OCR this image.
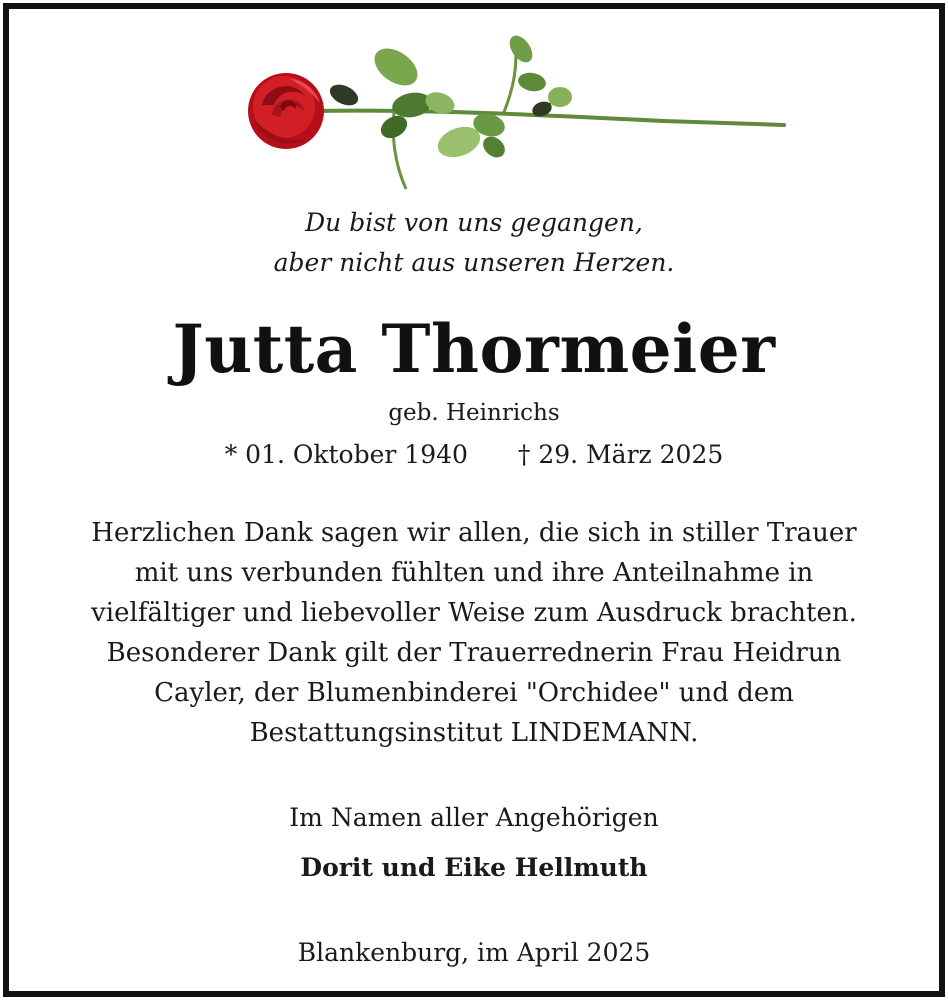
Du bist von uns gegangen,
aber nicht aus unseren Herzen.
Jutta Thormeier
geb. Heinrichs
* 01. Oktober 1940 † 29. März 2025
Herzlichen Dank sagen wir allen, die sich in stiller Trauer
mit uns verbunden fühlten und ihre Anteilnahme in
vielfältiger und liebevoller Weise zum Ausdruck brachten.
Besonderer Dank gilt der Trauerrednerin Frau Heidrun
Cayler, der Blumenbinderei "Orchidee" und dem
Bestattungsinstitut LINDEMANN.
Im Namen aller Angehörigen
Dorit und Eike Hellmuth
Blankenburg, im April 2025
